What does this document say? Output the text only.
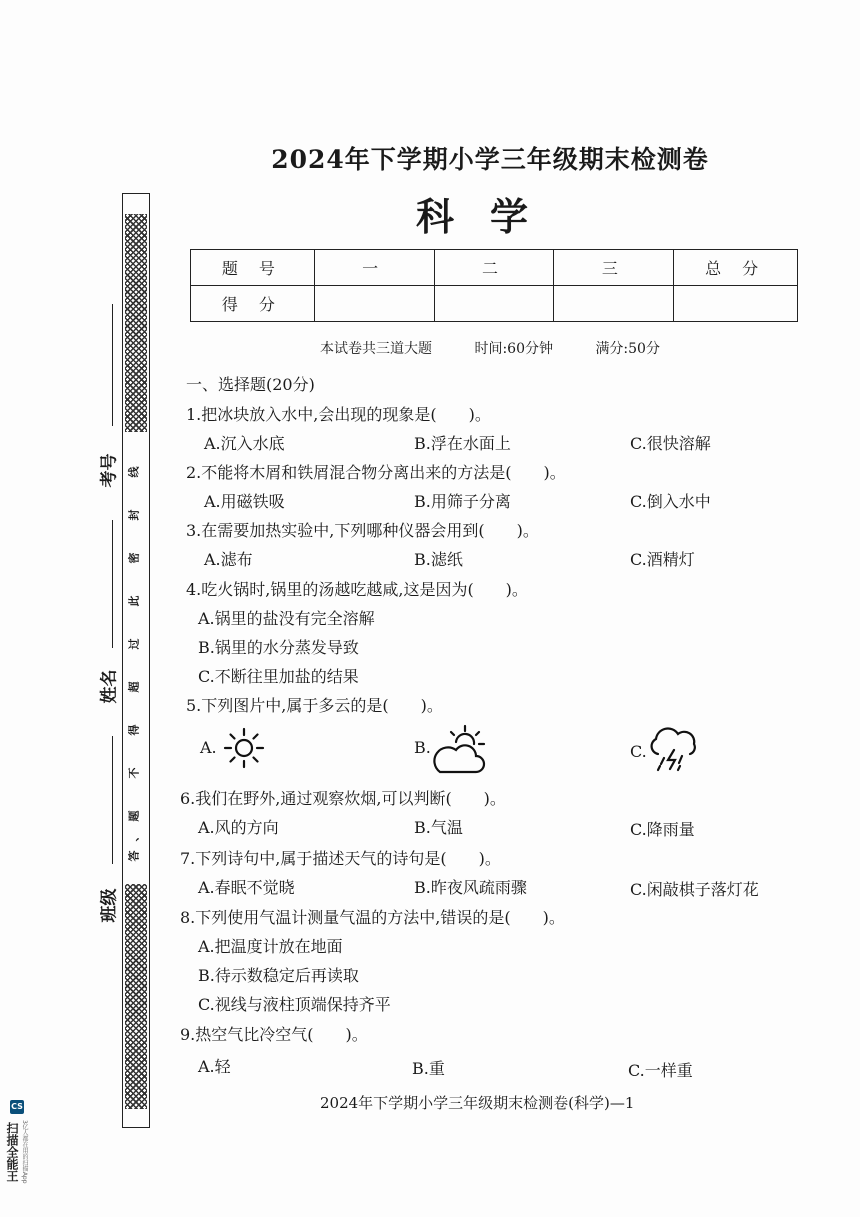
2024年下学期小学三年级期末检测卷
科学
题 号	一	二	三	总 分
得 分				
本试卷共三道大题	时间:60分钟	满分:50分
一、选择题(20分)
1.把冰块放入水中,会出现的现象是(　　)。
A.沉入水底	B.浮在水面上	C.很快溶解
2.不能将木屑和铁屑混合物分离出来的方法是(　　)。
A.用磁铁吸	B.用筛子分离	C.倒入水中
3.在需要加热实验中,下列哪种仪器会用到(　　)。
A.滤布	B.滤纸	C.酒精灯
4.吃火锅时,锅里的汤越吃越咸,这是因为(　　)。
A.锅里的盐没有完全溶解
B.锅里的水分蒸发导致
C.不断往里加盐的结果
5.下列图片中,属于多云的是(　　)。
A.	B.	C.
6.我们在野外,通过观察炊烟,可以判断(　　)。
A.风的方向	B.气温	C.降雨量
7.下列诗句中,属于描述天气的诗句是(　　)。
A.春眠不觉晓	B.昨夜风疏雨骤	C.闲敲棋子落灯花
8.下列使用气温计测量气温的方法中,错误的是(　　)。
A.把温度计放在地面
B.待示数稳定后再读取
C.视线与液柱顶端保持齐平
9.热空气比冷空气(　　)。
A.轻	B.重	C.一样重
2024年下学期小学三年级期末检测卷(科学)—1
线
封
密
此
过
超
得
不
题
、
答
考号
姓名
班级
CS
扫描全能王 3亿人都在用的扫描App
